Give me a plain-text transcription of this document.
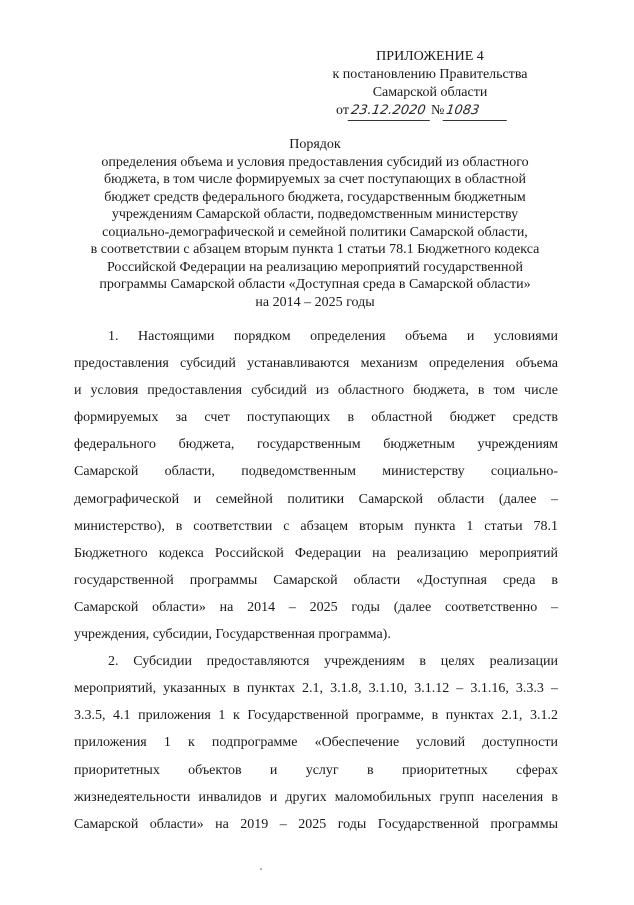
ПРИЛОЖЕНИЕ 4
к постановлению Правительства
Самарской области
от23.12.2020 №1083
Порядок
определения объема и условия предоставления субсидий из областного
бюджета, в том числе формируемых за счет поступающих в областной
бюджет средств федерального бюджета, государственным бюджетным
учреждениям Самарской области, подведомственным министерству
социально-демографической и семейной политики Самарской области,
в соответствии с абзацем вторым пункта 1 статьи 78.1 Бюджетного кодекса
Российской Федерации на реализацию мероприятий государственной
программы Самарской области «Доступная среда в Самарской области»
на 2014 – 2025 годы
1. Настоящими порядком определения объема и условиями
предоставления субсидий устанавливаются механизм определения объема
и условия предоставления субсидий из областного бюджета, в том числе
формируемых за счет поступающих в областной бюджет средств
федерального бюджета, государственным бюджетным учреждениям
Самарской области, подведомственным министерству социально-
демографической и семейной политики Самарской области (далее –
министерство), в соответствии с абзацем вторым пункта 1 статьи 78.1
Бюджетного кодекса Российской Федерации на реализацию мероприятий
государственной программы Самарской области «Доступная среда в
Самарской области» на 2014 – 2025 годы (далее соответственно –
учреждения, субсидии, Государственная программа).
2. Субсидии предоставляются учреждениям в целях реализации
мероприятий, указанных в пунктах 2.1, 3.1.8, 3.1.10, 3.1.12 – 3.1.16, 3.3.3 –
3.3.5, 4.1 приложения 1 к Государственной программе, в пунктах 2.1, 3.1.2
приложения 1 к подпрограмме «Обеспечение условий доступности
приоритетных объектов и услуг в приоритетных сферах
жизнедеятельности инвалидов и других маломобильных групп населения в
Самарской области» на 2019 – 2025 годы Государственной программы
